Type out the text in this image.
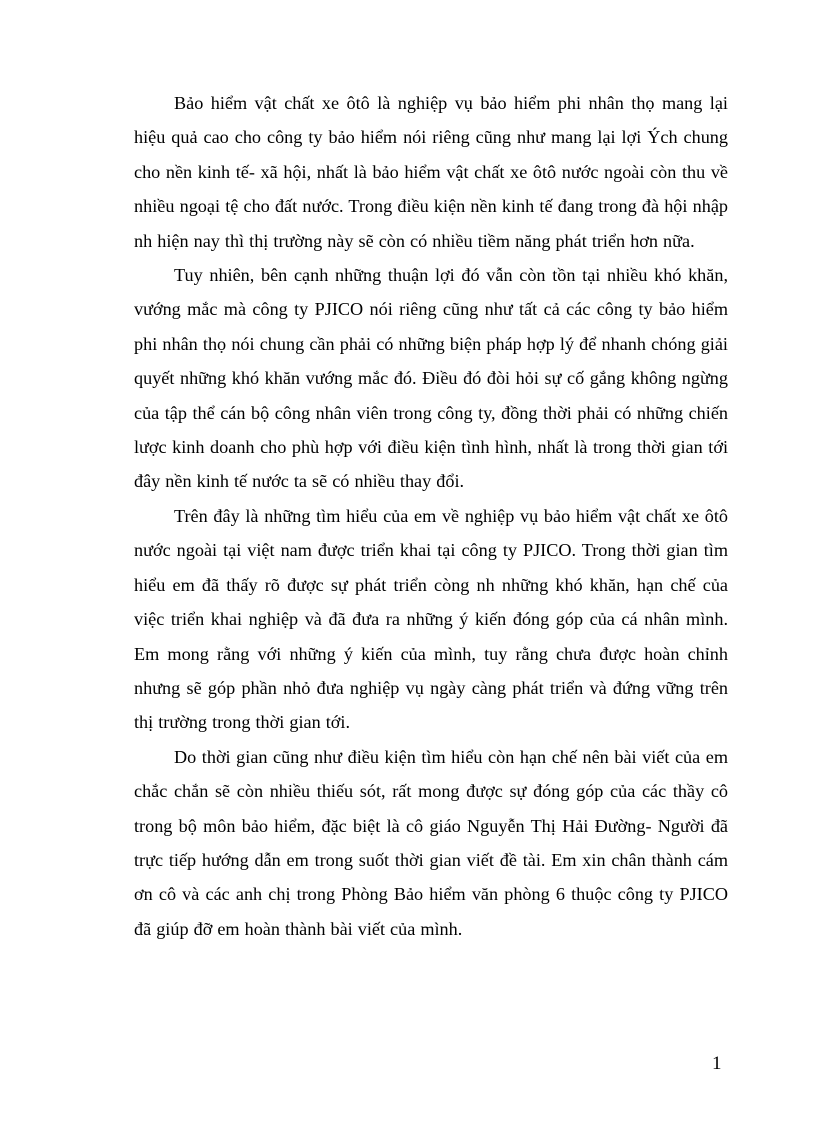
Bảo hiểm vật chất xe ôtô là nghiệp vụ bảo hiểm phi nhân thọ mang lại hiệu quả cao cho công ty bảo hiểm nói riêng cũng như mang lại lợi Ých chung cho nền kinh tế- xã hội, nhất là bảo hiểm vật chất xe ôtô nước ngoài còn thu về nhiều ngoại tệ cho đất nước. Trong điều kiện nền kinh tế đang trong đà hội nhập nh hiện nay thì thị trường này sẽ còn có nhiều tiềm năng phát triển hơn nữa.

Tuy nhiên, bên cạnh những thuận lợi đó vẫn còn tồn tại nhiều khó khăn, vướng mắc mà công ty PJICO nói riêng cũng như tất cả các công ty bảo hiểm phi nhân thọ nói chung cần phải có những biện pháp hợp lý để nhanh chóng giải quyết những khó khăn vướng mắc đó. Điều đó đòi hỏi sự cố gắng không ngừng của tập thể cán bộ công nhân viên trong công ty, đồng thời phải có những chiến lược kinh doanh cho phù hợp với điều kiện tình hình, nhất là trong thời gian tới đây nền kinh tế nước ta sẽ có nhiều thay đổi.

Trên đây là những tìm hiểu của em về nghiệp vụ bảo hiểm vật chất xe ôtô nước ngoài tại việt nam được triển khai tại công ty PJICO. Trong thời gian tìm hiểu em đã thấy rõ được sự phát triển còng nh những khó khăn, hạn chế của việc triển khai nghiệp và đã đưa ra những ý kiến đóng góp của cá nhân mình. Em mong rằng với những ý kiến của mình, tuy rằng chưa được hoàn chỉnh nhưng sẽ góp phần nhỏ đưa nghiệp vụ ngày càng phát triển và đứng vững trên thị trường trong thời gian tới.

Do thời gian cũng như điều kiện tìm hiểu còn hạn chế nên bài viết của em chắc chắn sẽ còn nhiều thiếu sót, rất mong được sự đóng góp của các thầy cô trong bộ môn bảo hiểm, đặc biệt là cô giáo Nguyễn Thị Hải Đường- Người đã trực tiếp hướng dẫn em trong suốt thời gian viết đề tài. Em xin chân thành cám ơn cô và các anh chị trong Phòng Bảo hiểm văn phòng 6 thuộc công ty PJICO đã giúp đỡ em hoàn thành bài viết của mình.

1
